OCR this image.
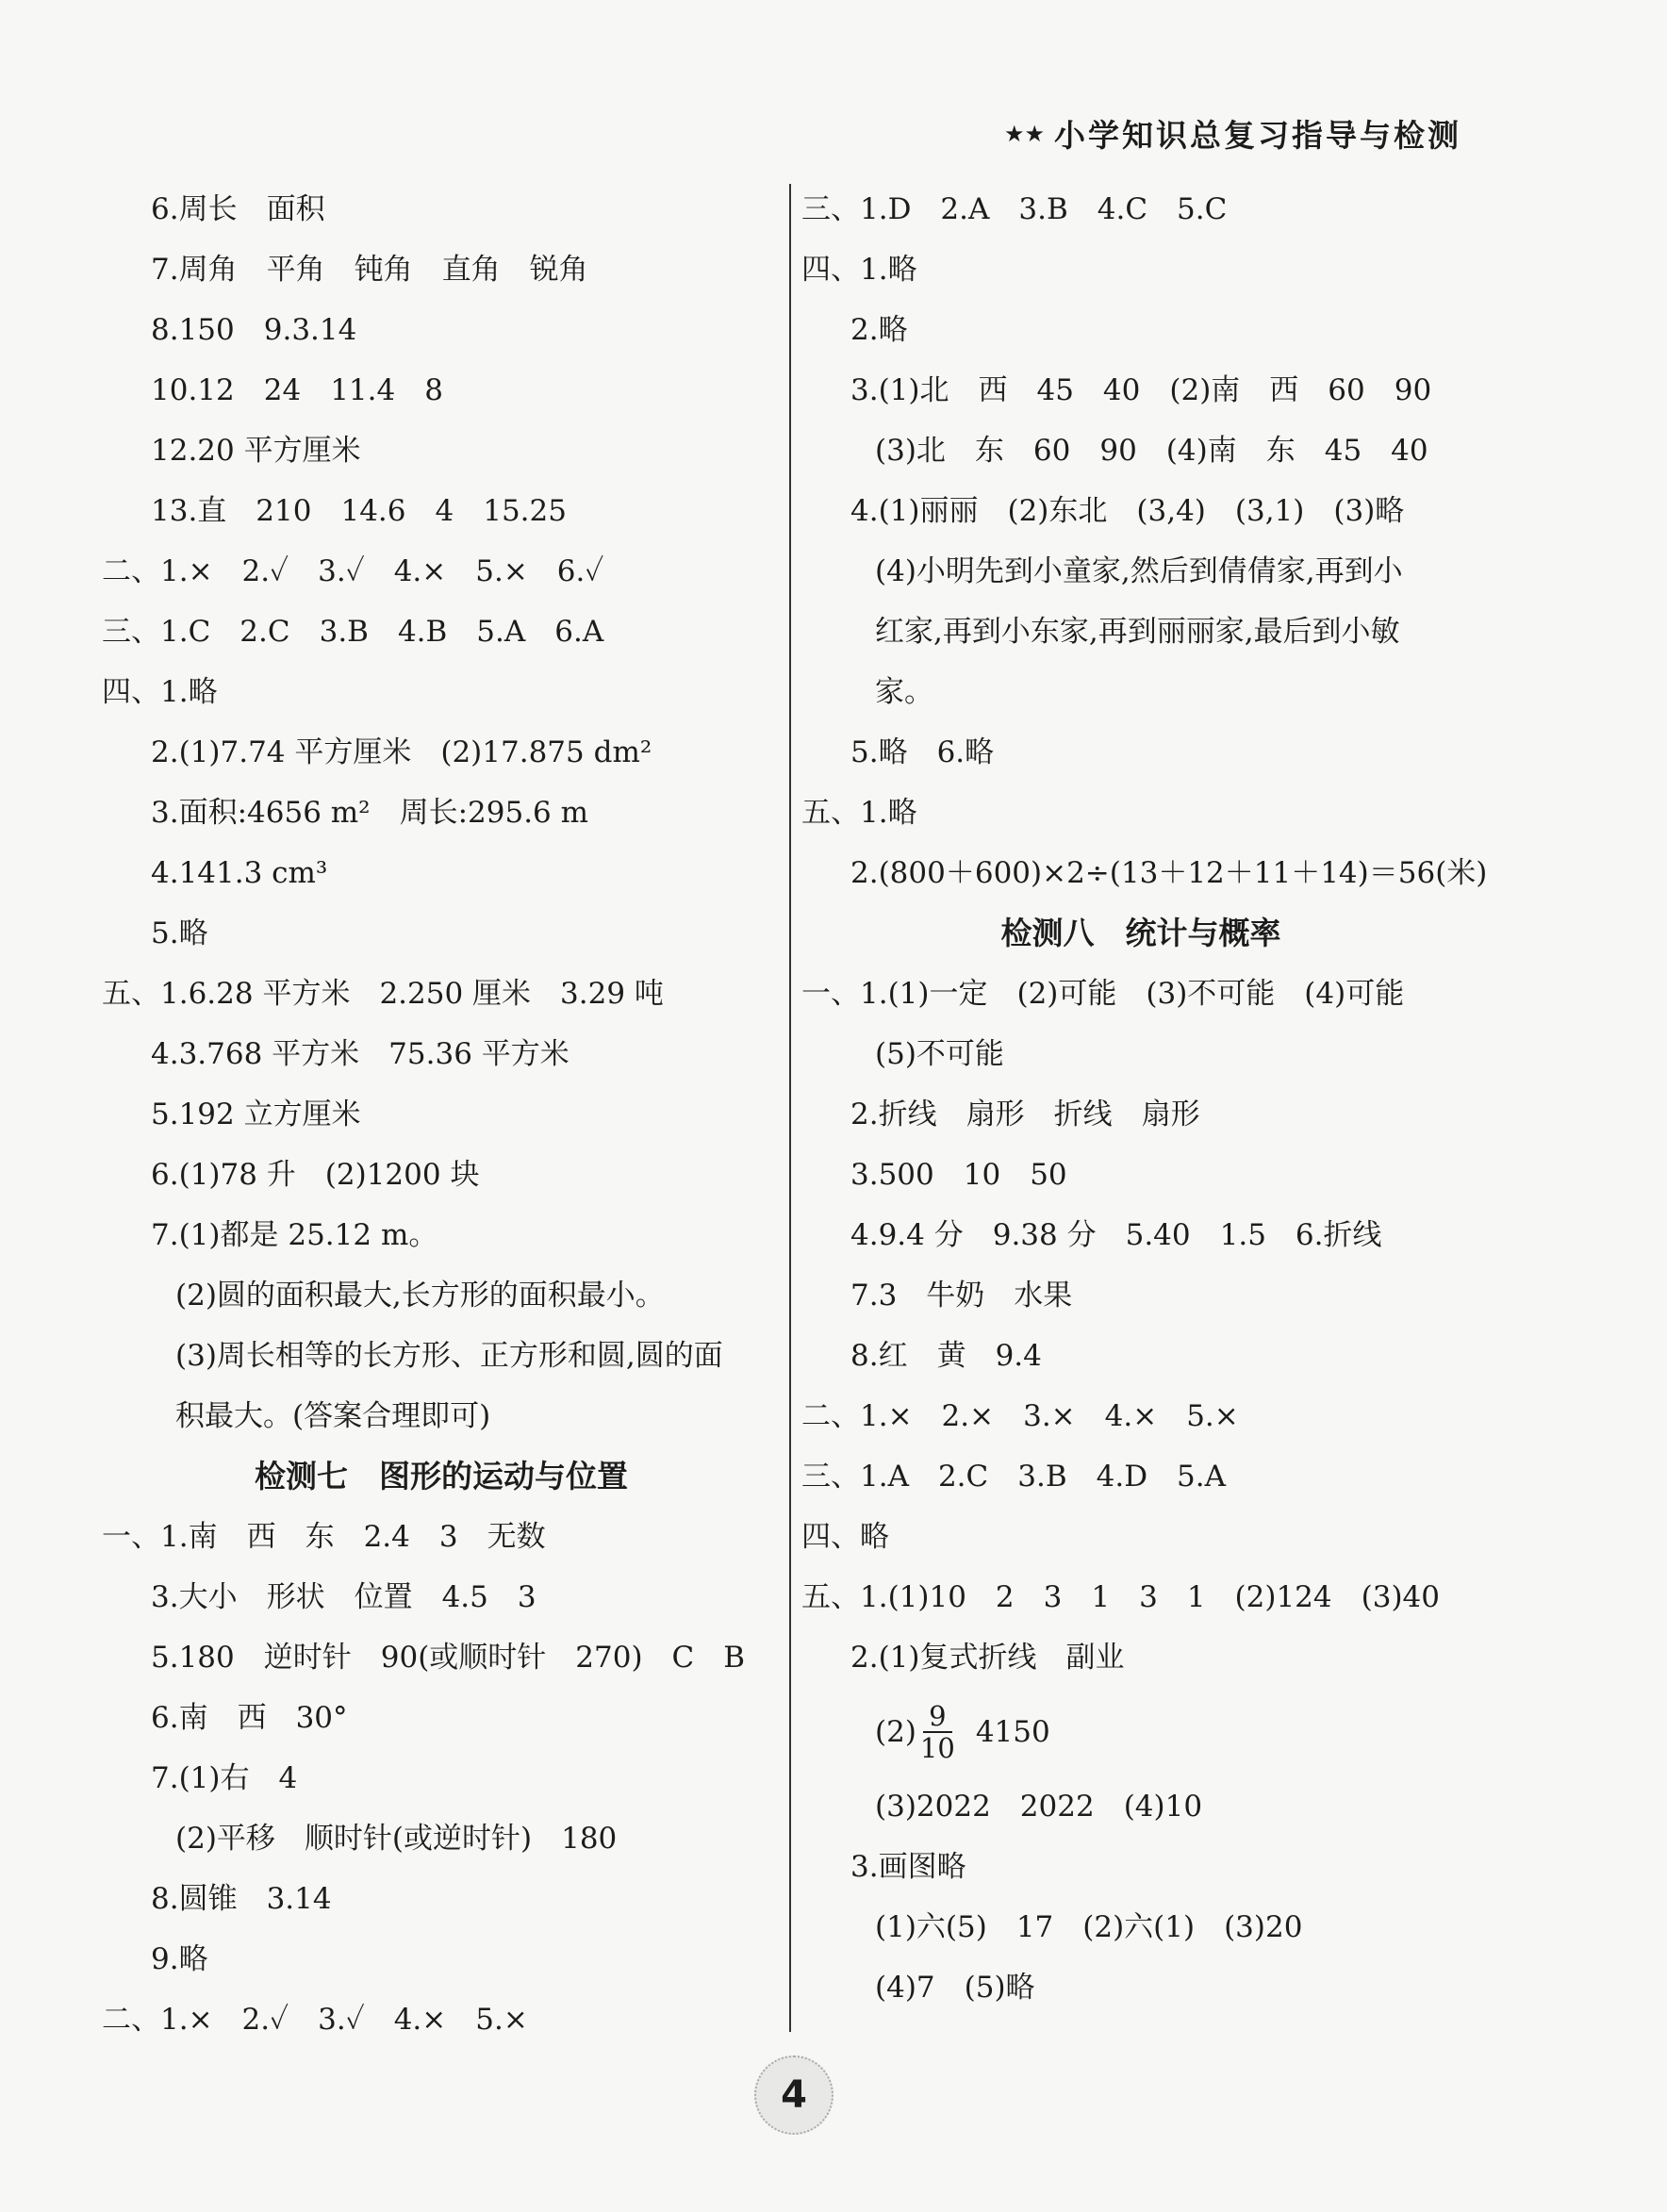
★★ 小学知识总复习指导与检测
6.周长　面积
7.周角　平角　钝角　直角　锐角
8.150　9.3.14
10.12　24　11.4　8
12.20 平方厘米
13.直　210　14.6　4　15.25
二、1.×　2.✓　3.✓　4.×　5.×　6.✓
三、1.C　2.C　3.B　4.B　5.A　6.A
四、1.略
2.(1)7.74 平方厘米　(2)17.875 dm²
3.面积:4656 m²　周长:295.6 m
4.141.3 cm³
5.略
五、1.6.28 平方米　2.250 厘米　3.29 吨
4.3.768 平方米　75.36 平方米
5.192 立方厘米
6.(1)78 升　(2)1200 块
7.(1)都是 25.12 m。
(2)圆的面积最大,长方形的面积最小。
(3)周长相等的长方形、正方形和圆,圆的面
积最大。(答案合理即可)
检测七　图形的运动与位置
一、1.南　西　东　2.4　3　无数
3.大小　形状　位置　4.5　3
5.180　逆时针　90(或顺时针　270)　C　B
6.南　西　30°
7.(1)右　4
(2)平移　顺时针(或逆时针)　180
8.圆锥　3.14
9.略
二、1.×　2.✓　3.✓　4.×　5.×
三、1.D　2.A　3.B　4.C　5.C
四、1.略
2.略
3.(1)北　西　45　40　(2)南　西　60　90
(3)北　东　60　90　(4)南　东　45　40
4.(1)丽丽　(2)东北　(3,4)　(3,1)　(3)略
(4)小明先到小童家,然后到倩倩家,再到小
红家,再到小东家,再到丽丽家,最后到小敏
家。
5.略　6.略
五、1.略
2.(800＋600)×2÷(13＋12＋11＋14)＝56(米)
检测八　统计与概率
一、1.(1)一定　(2)可能　(3)不可能　(4)可能
(5)不可能
2.折线　扇形　折线　扇形
3.500　10　50
4.9.4 分　9.38 分　5.40　1.5　6.折线
7.3　牛奶　水果
8.红　黄　9.4
二、1.×　2.×　3.×　4.×　5.×
三、1.A　2.C　3.B　4.D　5.A
四、略
五、1.(1)10　2　3　1　3　1　(2)124　(3)40
2.(1)复式折线　副业
$(2) \frac{9}{10} 4150$
(3)2022　2022　(4)10
3.画图略
(1)六(5)　17　(2)六(1)　(3)20
(4)7　(5)略
4
